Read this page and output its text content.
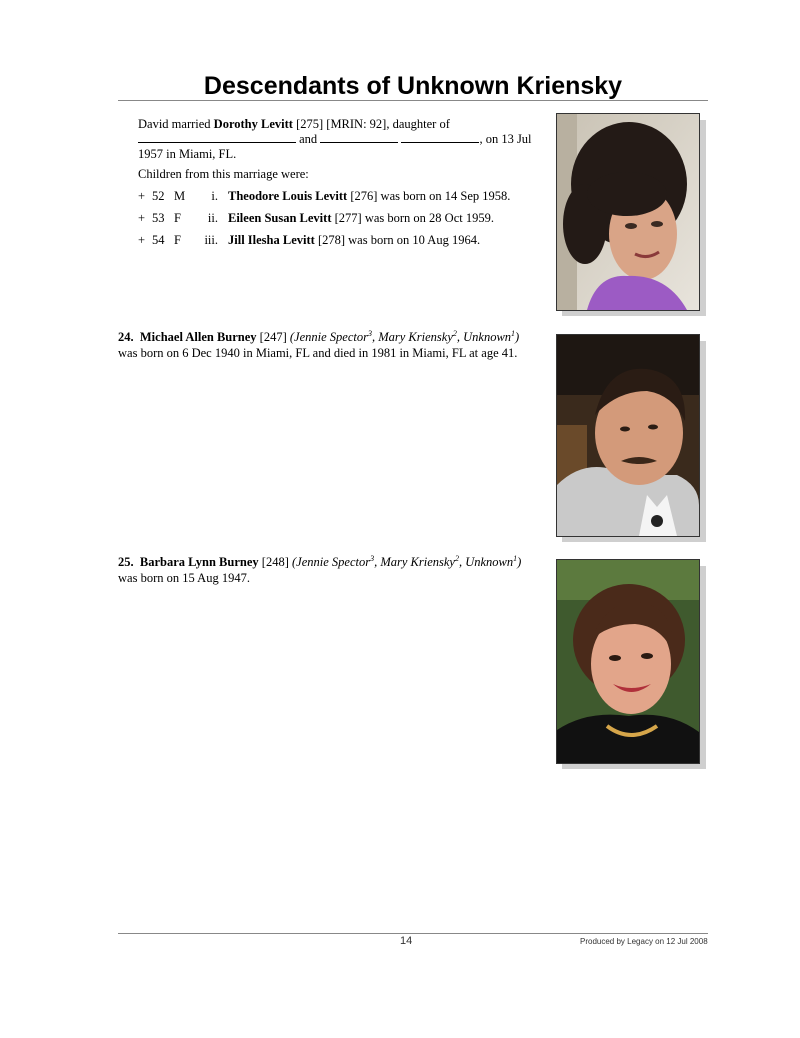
Descendants of Unknown Kriensky
David married Dorothy Levitt [275] [MRIN: 92], daughter of
and	, on 13 Jul
1957 in Miami, FL.
Children from this marriage were:
+ 52 M	i. Theodore Louis Levitt [276] was born on 14 Sep 1958.
+ 53 F	ii. Eileen Susan Levitt [277] was born on 28 Oct 1959.
+ 54 F	iii. Jill Ilesha Levitt [278] was born on 10 Aug 1964.
24. Michael Allen Burney [247] (Jennie Spector$^3$, Mary Kriensky$^2$, Unknown$^1$)
was born on 6 Dec 1940 in Miami, FL and died in 1981 in Miami, FL at age 41.
25. Barbara Lynn Burney [248] (Jennie Spector$^3$, Mary Kriensky$^2$, Unknown$^1$)
was born on 15 Aug 1947.
14	Produced by Legacy on 12 Jul 2008
